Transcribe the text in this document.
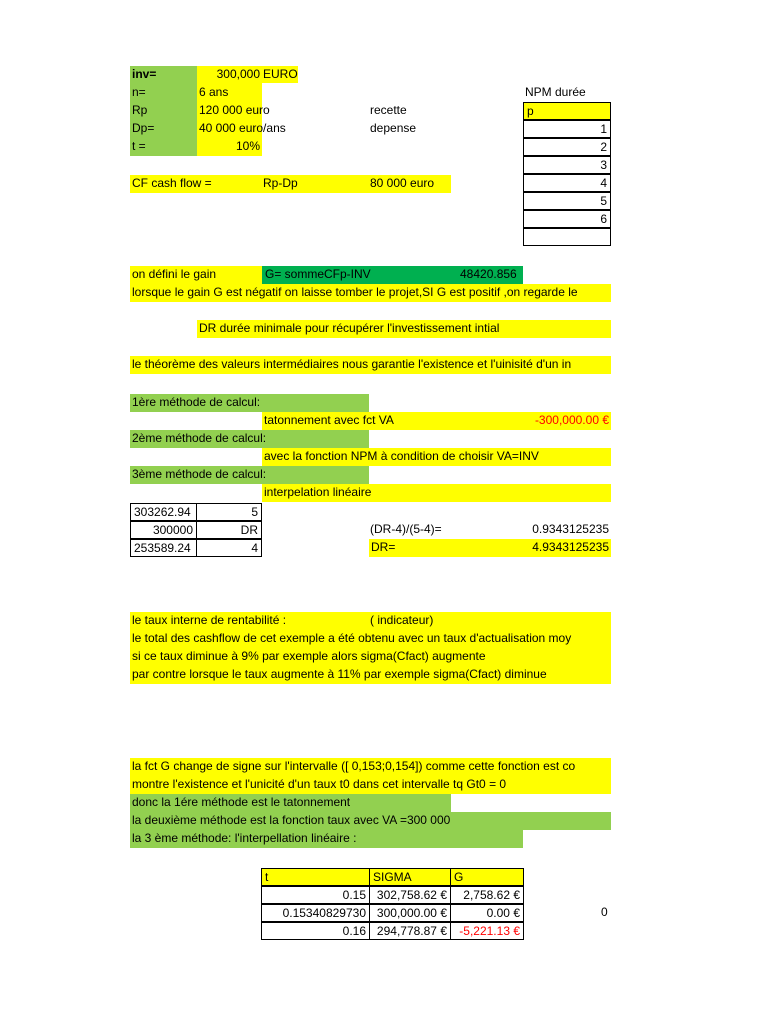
inv=	300,000 EURO
n=	6 ans
Rp	120 000 euro	recette
Dp=	40 000 euro/ans	depense
t =	10%
CF cash flow =	Rp-Dp	80 000 euro
NPM durée
p
1
2
3
4
5
6
on défini le gain	G= sommeCFp-INV	48420.856
lorsque le gain G est négatif on laisse tomber le projet,SI G est positif ,on regarde le
DR durée minimale pour récupérer l'investissement intial
le théorème des valeurs intermédiaires nous garantie l'existence et l'uinisité d'un in
1ère méthode de calcul:
tatonnement avec fct VA	-300,000.00 €
2ème méthode de calcul:
avec la fonction NPM à condition de choisir VA=INV
3ème méthode de calcul:
interpelation linéaire
303262.94	5
300000	DR
253589.24	4
(DR-4)/(5-4)=	0.9343125235
DR=	4.9343125235
le taux interne de rentabilité :	( indicateur)
le total des cashflow de cet exemple a été obtenu avec un taux d'actualisation moy
si ce taux diminue à 9% par exemple alors sigma(Cfact) augmente
par contre lorsque le taux augmente à 11% par exemple sigma(Cfact) diminue
la fct G change de signe sur l'intervalle ([ 0,153;0,154]) comme cette fonction est co
montre l'existence et l'unicité d'un taux t0 dans cet intervalle tq Gt0 = 0
donc la 1ére méthode est le tatonnement
la deuxième méthode est la fonction taux avec VA =300 000
la 3 ème méthode: l'interpellation linéaire :
t	SIGMA	G
0.15 302,758.62 €	2,758.62 €
0.15340829730 300,000.00 €	0.00 €
0.16 294,778.87 €	-5,221.13 €
0
